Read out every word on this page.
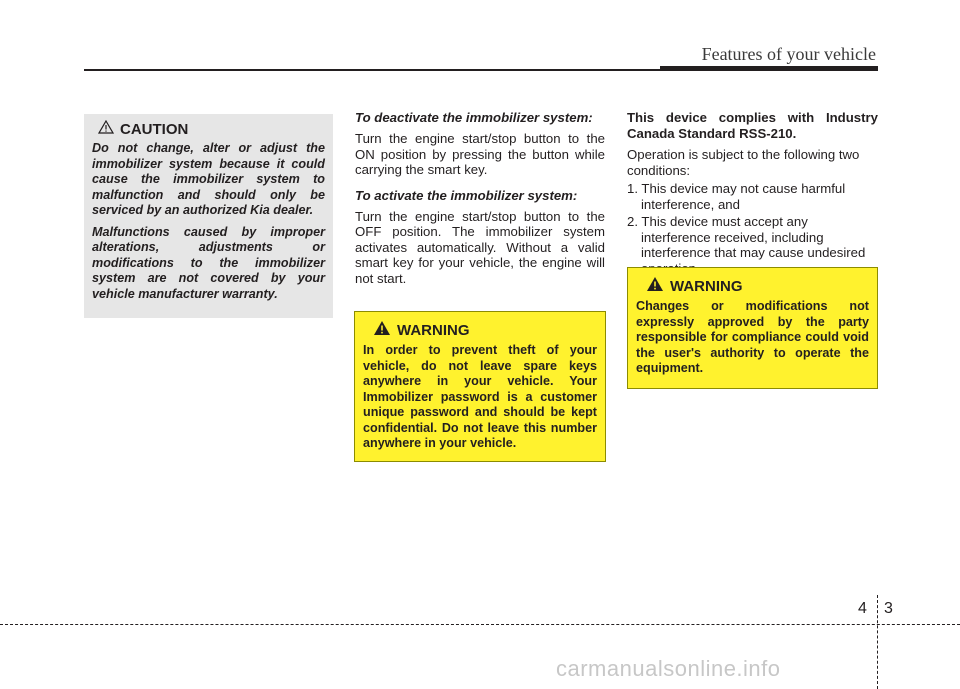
Features of your vehicle
CAUTION

Do not change, alter or adjust the immobilizer system because it could cause the immobilizer system to malfunction and should only be serviced by an authorized Kia dealer.

Malfunctions caused by improper alterations, adjustments or modifications to the immobilizer system are not covered by your vehicle manufacturer warranty.

To deactivate the immobilizer system:

Turn the engine start/stop button to the ON position by pressing the button while carrying the smart key.

To activate the immobilizer system:

Turn the engine start/stop button to the OFF position. The immobilizer system activates automatically. Without a valid smart key for your vehicle, the engine will not start.

WARNING

In order to prevent theft of your vehicle, do not leave spare keys anywhere in your vehicle. Your Immobilizer password is a customer unique password and should be kept confidential. Do not leave this number anywhere in your vehicle.

This device complies with Industry Canada Standard RSS-210.

Operation is subject to the following two conditions:

1. This device may not cause harmful interference, and
2. This device must accept any interference received, including interference that may cause undesired
WARNING

Changes or modifications not expressly approved by the party responsible for compliance could void the user's authority to operate the equipment.

4 3
carmanualsonline.info
